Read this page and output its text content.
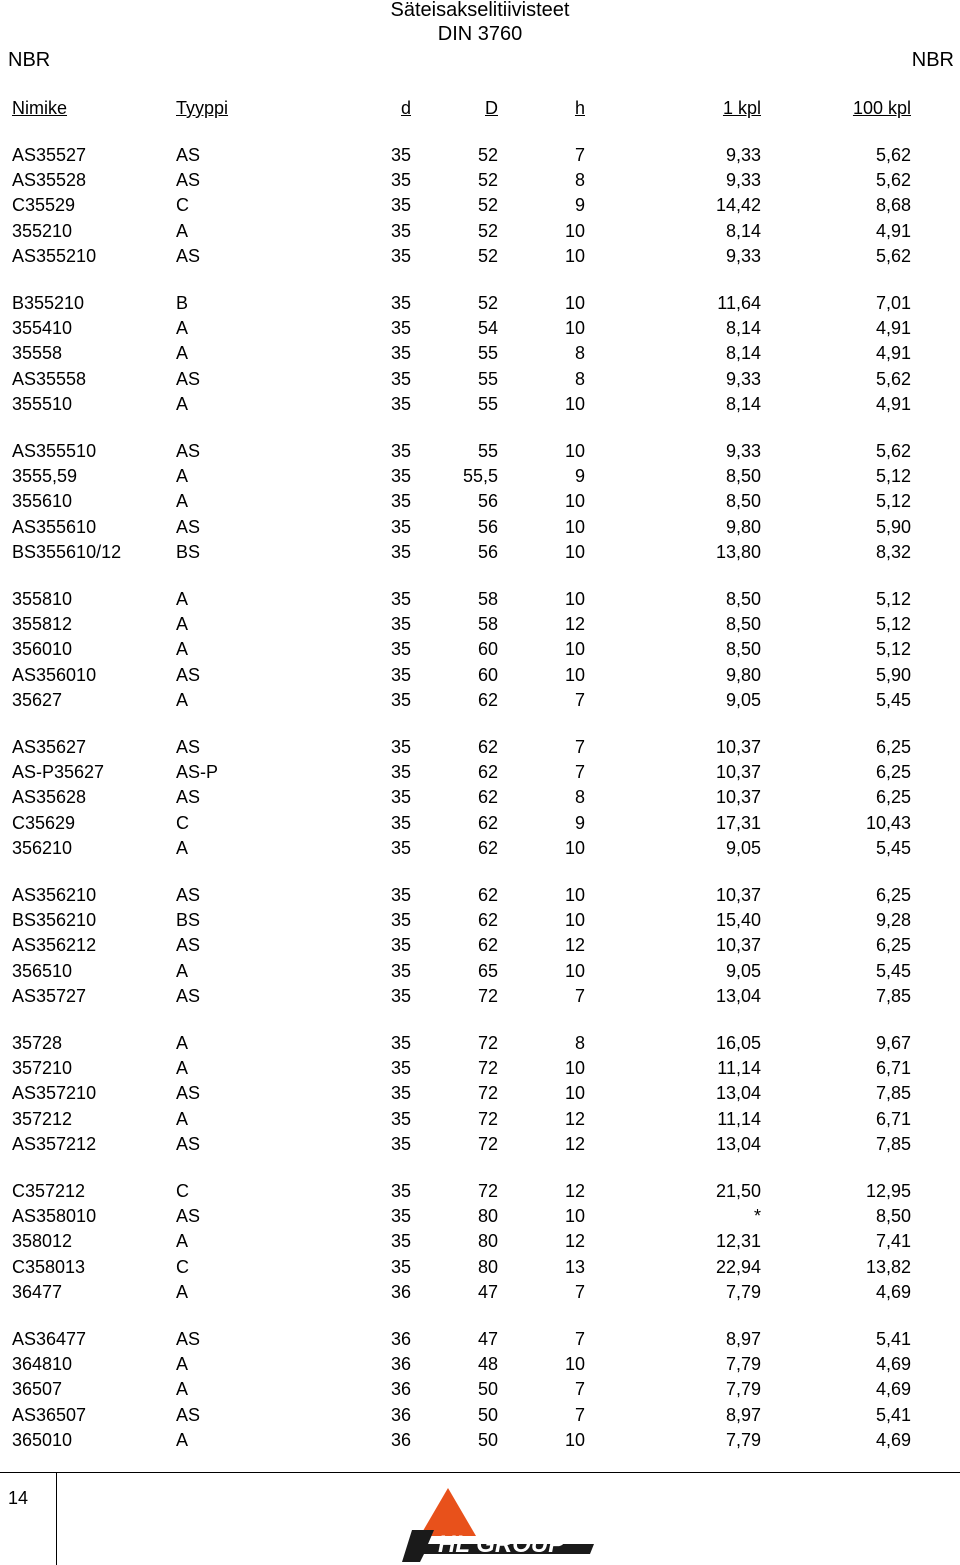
Säteisakselitiivisteet
DIN 3760
NBR	NBR
Nimike	Tyyppi	d	D	h	1 kpl	100 kpl
AS35527	AS	35	52	7	9,33	5,62
AS35528	AS	35	52	8	9,33	5,62
C35529	C	35	52	9	14,42	8,68
355210	A	35	52	10	8,14	4,91
AS355210	AS	35	52	10	9,33	5,62
B355210	B	35	52	10	11,64	7,01
355410	A	35	54	10	8,14	4,91
35558	A	35	55	8	8,14	4,91
AS35558	AS	35	55	8	9,33	5,62
355510	A	35	55	10	8,14	4,91
AS355510	AS	35	55	10	9,33	5,62
3555,59	A	35	55,5	9	8,50	5,12
355610	A	35	56	10	8,50	5,12
AS355610	AS	35	56	10	9,80	5,90
BS355610/12	BS	35	56	10	13,80	8,32
355810	A	35	58	10	8,50	5,12
355812	A	35	58	12	8,50	5,12
356010	A	35	60	10	8,50	5,12
AS356010	AS	35	60	10	9,80	5,90
35627	A	35	62	7	9,05	5,45
AS35627	AS	35	62	7	10,37	6,25
AS-P35627	AS-P	35	62	7	10,37	6,25
AS35628	AS	35	62	8	10,37	6,25
C35629	C	35	62	9	17,31	10,43
356210	A	35	62	10	9,05	5,45
AS356210	AS	35	62	10	10,37	6,25
BS356210	BS	35	62	10	15,40	9,28
AS356212	AS	35	62	12	10,37	6,25
356510	A	35	65	10	9,05	5,45
AS35727	AS	35	72	7	13,04	7,85
35728	A	35	72	8	16,05	9,67
357210	A	35	72	10	11,14	6,71
AS357210	AS	35	72	10	13,04	7,85
357212	A	35	72	12	11,14	6,71
AS357212	AS	35	72	12	13,04	7,85
C357212	C	35	72	12	21,50	12,95
AS358010	AS	35	80	10	*	8,50
358012	A	35	80	12	12,31	7,41
C358013	C	35	80	13	22,94	13,82
36477	A	36	47	7	7,79	4,69
AS36477	AS	36	47	7	8,97	5,41
364810	A	36	48	10	7,79	4,69
36507	A	36	50	7	7,79	4,69
AS36507	AS	36	50	7	8,97	5,41
365010	A	36	50	10	7,79	4,69
14
HL GROUP
